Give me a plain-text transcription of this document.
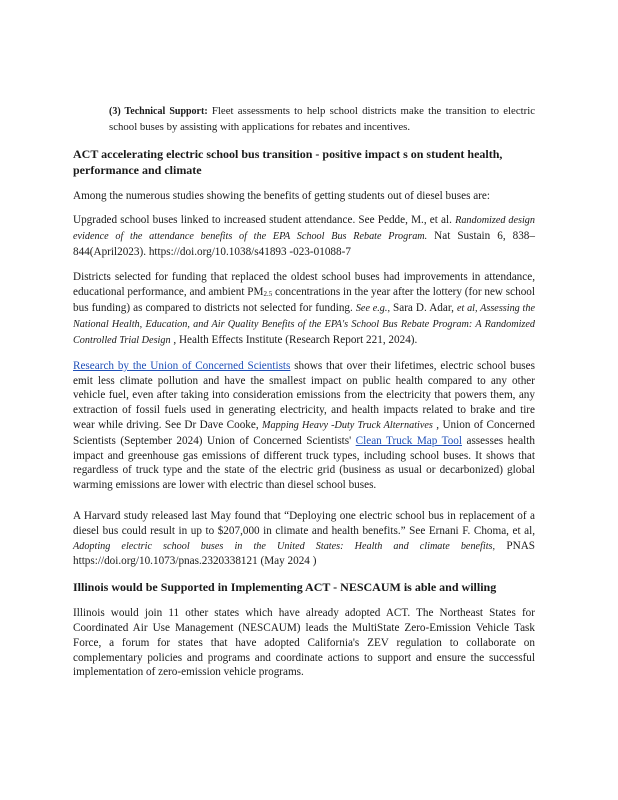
(3) Technical Support: Fleet assessments to help school districts make the transition to electric school buses by assisting with applications for rebates and incentives.

ACT accelerating electric school bus transition - positive impact s on student health, performance and climate

Among the numerous studies showing the benefits of getting students out of diesel buses are:

Upgraded school buses linked to increased student attendance. See Pedde, M., et al. Randomized design evidence of the attendance benefits of the EPA School Bus Rebate Program. Nat Sustain 6, 838–844(April2023). https://doi.org/10.1038/s41893 -023-01088-7

Districts selected for funding that replaced the oldest school buses had improvements in attendance, educational performance, and ambient PM2.5 concentrations in the year after the lottery (for new school bus funding) as compared to districts not selected for funding. See e.g., Sara D. Adar, et al, Assessing the National Health, Education, and Air Quality Benefits of the EPA's School Bus Rebate Program: A Randomized Controlled Trial Design , Health Effects Institute (Research Report 221, 2024).

Research by the Union of Concerned Scientists shows that over their lifetimes, electric school buses emit less climate pollution and have the smallest impact on public health compared to any other vehicle fuel, even after taking into consideration emissions from the electricity that powers them, any extraction of fossil fuels used in generating electricity, and health impacts related to brake and tire wear while driving. See Dr Dave Cooke, Mapping Heavy -Duty Truck Alternatives , Union of Concerned Scientists (September 2024) Union of Concerned Scientists' Clean Truck Map Tool assesses health impact and greenhouse gas emissions of different truck types, including school buses. It shows that regardless of truck type and the state of the electric grid (business as usual or decarbonized) global warming emissions are lower with electric than diesel school buses.

A Harvard study released last May found that “Deploying one electric school bus in replacement of a diesel bus could result in up to $207,000 in climate and health benefits.” See Ernani F. Choma, et al, Adopting electric school buses in the United States: Health and climate benefits, PNAS https://doi.org/10.1073/pnas.2320338121 (May 2024 )

Illinois would be Supported in Implementing ACT - NESCAUM is able and willing

Illinois would join 11 other states which have already adopted ACT. The Northeast States for Coordinated Air Use Management (NESCAUM) leads the MultiState Zero-Emission Vehicle Task Force, a forum for states that have adopted California's ZEV regulation to collaborate on complementary policies and programs and coordinate actions to support and ensure the successful implementation of zero-emission vehicle programs.
